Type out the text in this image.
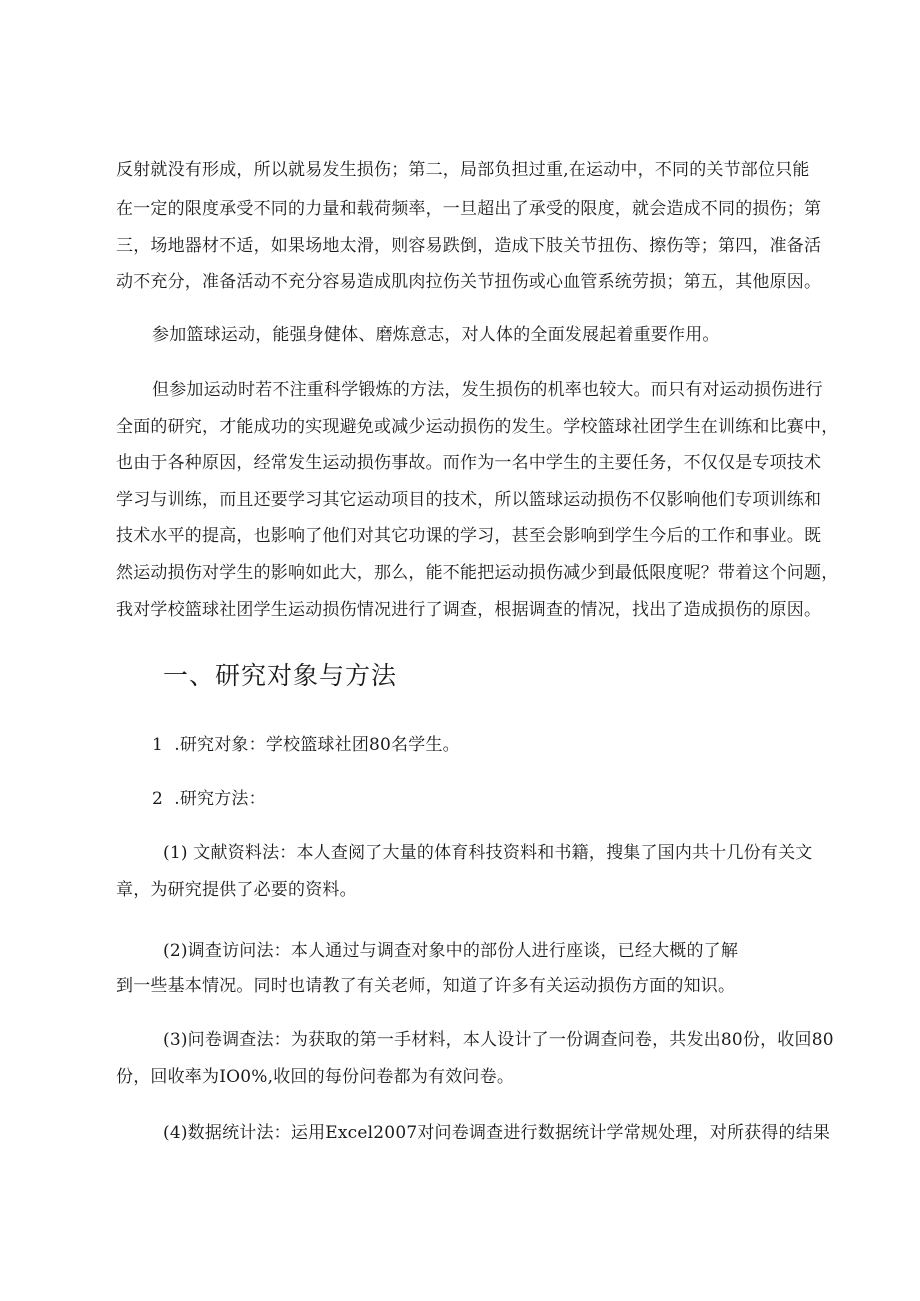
反射就没有形成，所以就易发生损伤；第二，局部负担过重,在运动中，不同的关节部位只能
在一定的限度承受不同的力量和载荷频率，一旦超出了承受的限度，就会造成不同的损伤；第
三，场地器材不适，如果场地太滑，则容易跌倒，造成下肢关节扭伤、擦伤等；第四，准备活
动不充分，准备活动不充分容易造成肌肉拉伤关节扭伤或心血管系统劳损；第五，其他原因。
参加篮球运动，能强身健体、磨炼意志，对人体的全面发展起着重要作用。
但参加运动时若不注重科学锻炼的方法，发生损伤的机率也较大。而只有对运动损伤进行
全面的研究，才能成功的实现避免或减少运动损伤的发生。学校篮球社团学生在训练和比赛中，
也由于各种原因，经常发生运动损伤事故。而作为一名中学生的主要任务，不仅仅是专项技术
学习与训练，而且还要学习其它运动项目的技术，所以篮球运动损伤不仅影响他们专项训练和
技术水平的提高，也影响了他们对其它功课的学习，甚至会影响到学生今后的工作和事业。既
然运动损伤对学生的影响如此大，那么，能不能把运动损伤减少到最低限度呢？带着这个问题，
我对学校篮球社团学生运动损伤情况进行了调查，根据调查的情况，找出了造成损伤的原因。
一、研究对象与方法
1  .研究对象：学校篮球社团80名学生。
2  .研究方法：
(1) 文献资料法：本人查阅了大量的体育科技资料和书籍，搜集了国内共十几份有关文
章，为研究提供了必要的资料。
(2)调查访问法：本人通过与调查对象中的部份人进行座谈，已经大概的了解
到一些基本情况。同时也请教了有关老师，知道了许多有关运动损伤方面的知识。
(3)问卷调查法：为获取的第一手材料，本人设计了一份调查问卷，共发出80份，收回80
份，回收率为IO0%,收回的每份问卷都为有效问卷。
(4)数据统计法：运用Excel2007对问卷调查进行数据统计学常规处理，对所获得的结果
